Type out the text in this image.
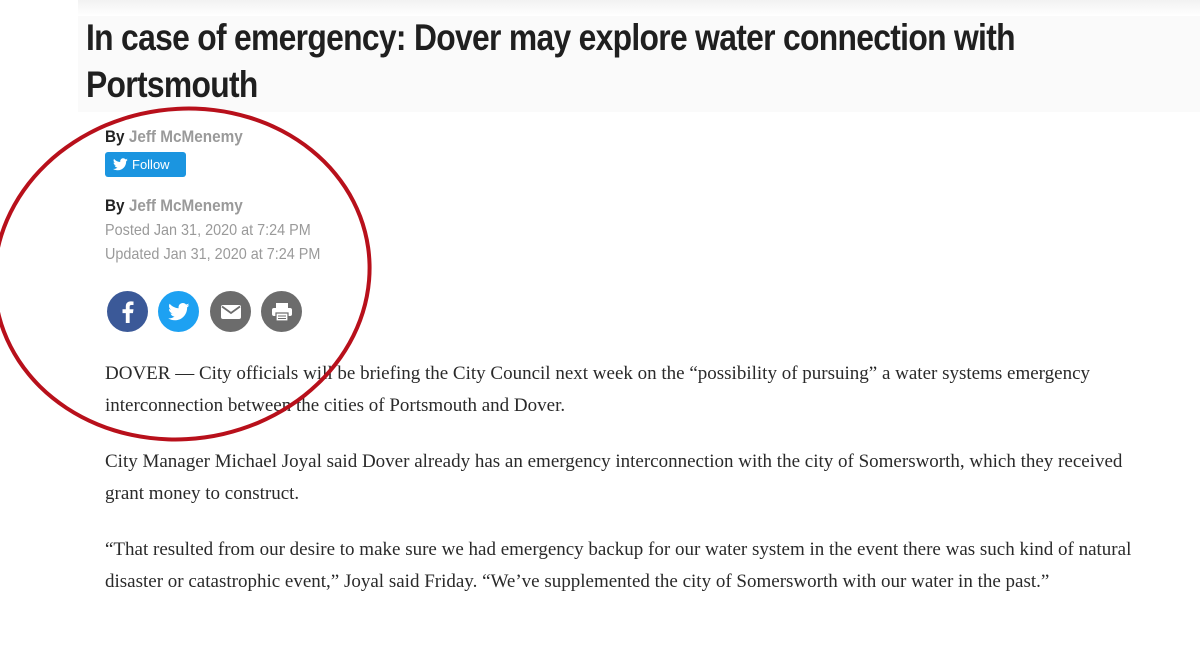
In case of emergency: Dover may explore water connection with Portsmouth
By Jeff McMenemy
Follow
By Jeff McMenemy
Posted Jan 31, 2020 at 7:24 PM
Updated Jan 31, 2020 at 7:24 PM

DOVER — City officials will be briefing the City Council next week on the “possibility of pursuing” a water systems emergency interconnection between the cities of Portsmouth and Dover.

City Manager Michael Joyal said Dover already has an emergency interconnection with the city of Somersworth, which they received grant money to construct.

“That resulted from our desire to make sure we had emergency backup for our water system in the event there was such kind of natural disaster or catastrophic event,” Joyal said Friday. “We’ve supplemented the city of Somersworth with our water in the past.”
